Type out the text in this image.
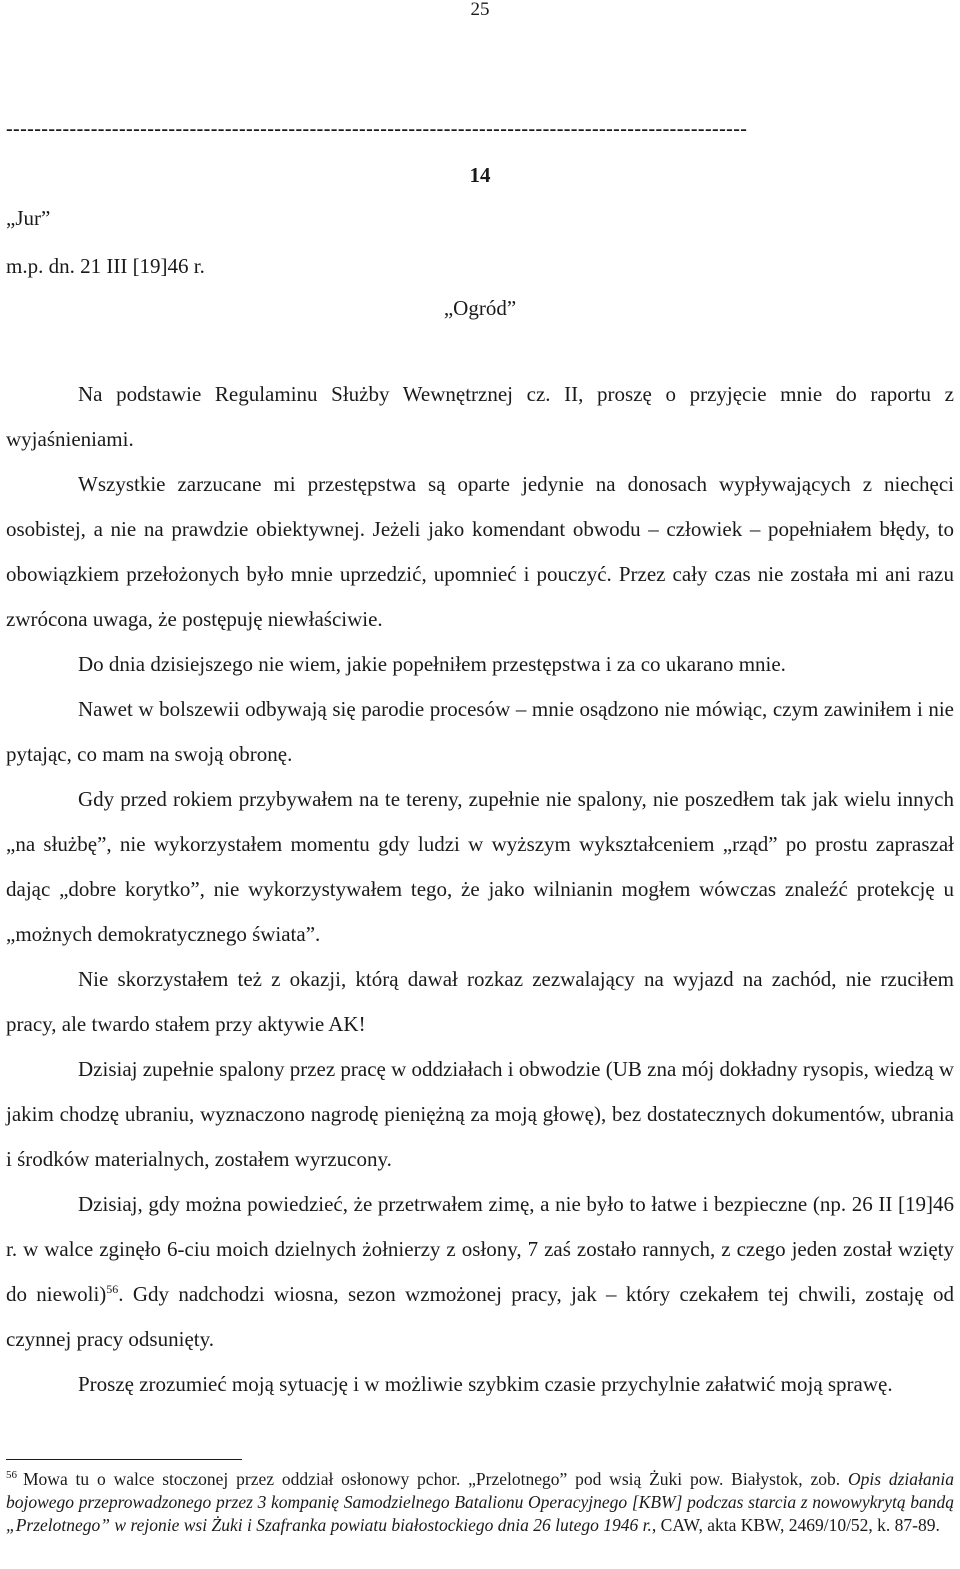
25
---------------------------------------------------------------------------------------------------------
14
„Jur”
m.p. dn. 21 III [19]46 r.
„Ogród”

Na podstawie Regulaminu Służby Wewnętrznej cz. II, proszę o przyjęcie mnie do raportu z wyjaśnieniami.

Wszystkie zarzucane mi przestępstwa są oparte jedynie na donosach wypływających z niechęci osobistej, a nie na prawdzie obiektywnej. Jeżeli jako komendant obwodu – człowiek – popełniałem błędy, to obowiązkiem przełożonych było mnie uprzedzić, upomnieć i pouczyć. Przez cały czas nie została mi ani razu zwrócona uwaga, że postępuję niewłaściwie.

Do dnia dzisiejszego nie wiem, jakie popełniłem przestępstwa i za co ukarano mnie.

Nawet w bolszewii odbywają się parodie procesów – mnie osądzono nie mówiąc, czym zawiniłem i nie pytając, co mam na swoją obronę.

Gdy przed rokiem przybywałem na te tereny, zupełnie nie spalony, nie poszedłem tak jak wielu innych „na służbę”, nie wykorzystałem momentu gdy ludzi w wyższym wykształceniem „rząd” po prostu zapraszał dając „dobre korytko”, nie wykorzystywałem tego, że jako wilnianin mogłem wówczas znaleźć protekcję u „możnych demokratycznego świata”.

Nie skorzystałem też z okazji, którą dawał rozkaz zezwalający na wyjazd na zachód, nie rzuciłem pracy, ale twardo stałem przy aktywie AK!

Dzisiaj zupełnie spalony przez pracę w oddziałach i obwodzie (UB zna mój dokładny rysopis, wiedzą w jakim chodzę ubraniu, wyznaczono nagrodę pieniężną za moją głowę), bez dostatecznych dokumentów, ubrania i środków materialnych, zostałem wyrzucony.

Dzisiaj, gdy można powiedzieć, że przetrwałem zimę, a nie było to łatwe i bezpieczne (np. 26 II [19]46 r. w walce zginęło 6-ciu moich dzielnych żołnierzy z osłony, 7 zaś zostało rannych, z czego jeden został wzięty do niewoli)$^{56}$. Gdy nadchodzi wiosna, sezon wzmożonej pracy, jak – który czekałem tej chwili, zostaję od czynnej pracy odsunięty.

Proszę zrozumieć moją sytuację i w możliwie szybkim czasie przychylnie załatwić moją sprawę.

$^{56}$ Mowa tu o walce stoczonej przez oddział osłonowy pchor. „Przelotnego” pod wsią Żuki pow. Białystok, zob. Opis działania bojowego przeprowadzonego przez 3 kompanię Samodzielnego Batalionu Operacyjnego [KBW] podczas starcia z nowowykrytą bandą „Przelotnego” w rejonie wsi Żuki i Szafranka powiatu białostockiego dnia 26 lutego 1946 r., CAW, akta KBW, 2469/10/52, k. 87-89.
